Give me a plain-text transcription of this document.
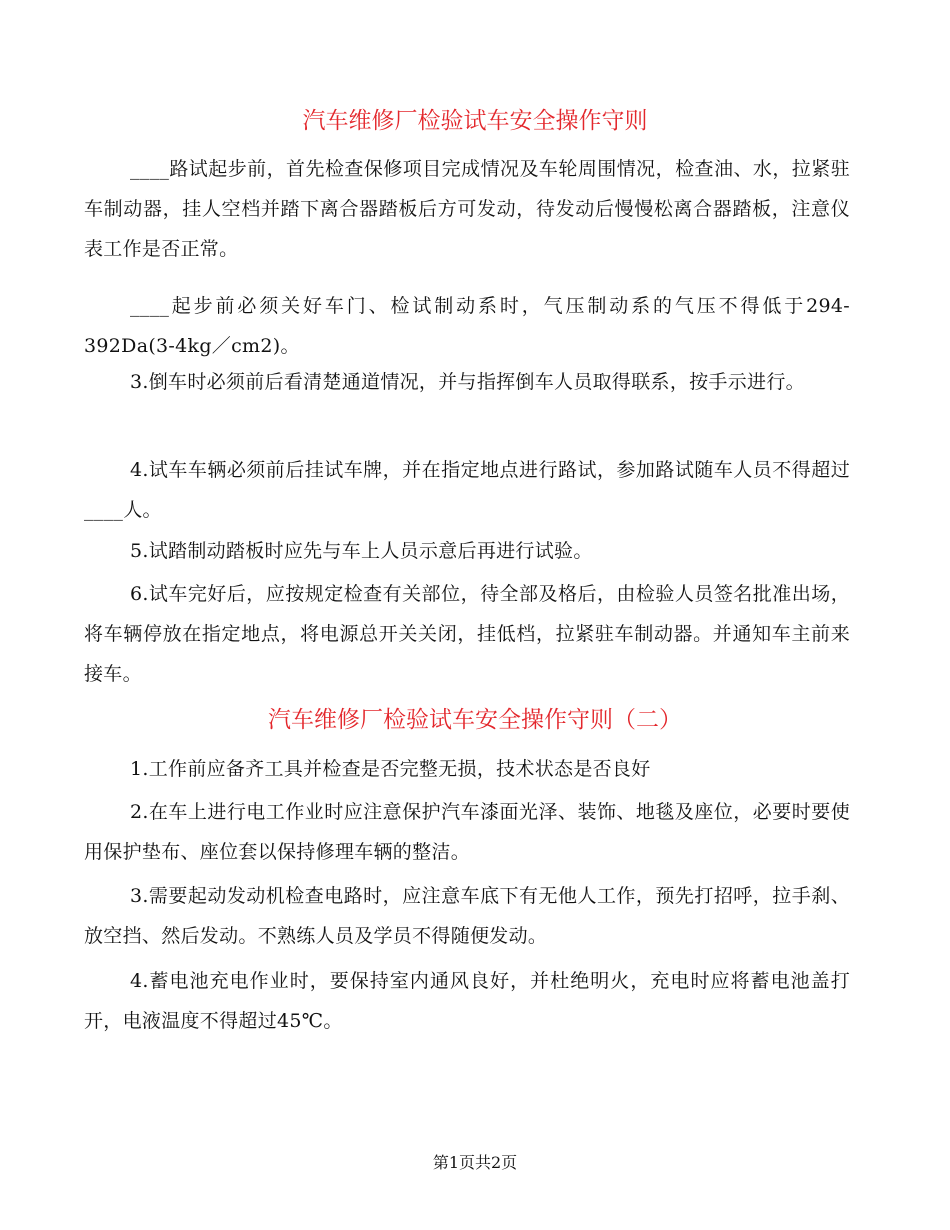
汽车维修厂检验试车安全操作守则

____路试起步前，首先检查保修项目完成情况及车轮周围情况，检查油、水，拉紧驻车制动器，挂人空档并踏下离合器踏板后方可发动，待发动后慢慢松离合器踏板，注意仪表工作是否正常。

____起步前必须关好车门、检试制动系时，气压制动系的气压不得低于294-392Da(3-4kg／cm2)。

3.倒车时必须前后看清楚通道情况，并与指挥倒车人员取得联系，按手示进行。

4.试车车辆必须前后挂试车牌，并在指定地点进行路试，参加路试随车人员不得超过____人。

5.试踏制动踏板时应先与车上人员示意后再进行试验。

6.试车完好后，应按规定检查有关部位，待全部及格后，由检验人员签名批准出场，将车辆停放在指定地点，将电源总开关关闭，挂低档，拉紧驻车制动器。并通知车主前来接车。

汽车维修厂检验试车安全操作守则（二）

1.工作前应备齐工具并检查是否完整无损，技术状态是否良好

2.在车上进行电工作业时应注意保护汽车漆面光泽、装饰、地毯及座位，必要时要使用保护垫布、座位套以保持修理车辆的整洁。

3.需要起动发动机检查电路时，应注意车底下有无他人工作，预先打招呼，拉手刹、放空挡、然后发动。不熟练人员及学员不得随便发动。

4.蓄电池充电作业时，要保持室内通风良好，并杜绝明火，充电时应将蓄电池盖打开，电液温度不得超过45℃。

第1页共2页
